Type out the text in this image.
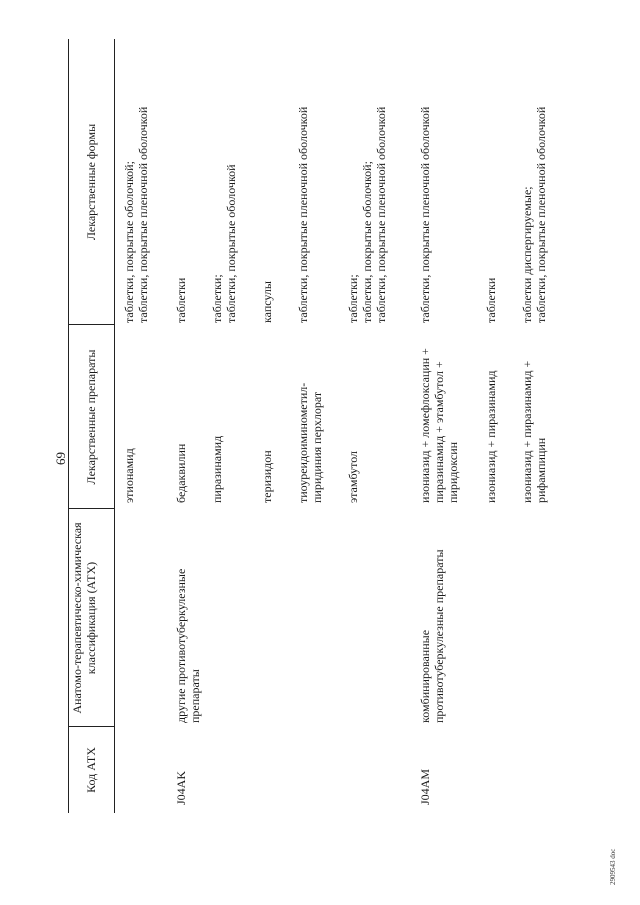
69
Код АТХ
Анатомо-терапевтическо-химическая классификация (АТХ)
Лекарственные препараты
Лекарственные формы
этионамид
таблетки, покрытые оболочкой; таблетки, покрытые пленочной оболочкой
J04AK
другие противотуберкулезные препараты
бедаквилин
таблетки
пиразинамид
таблетки; таблетки, покрытые оболочкой
теризидон
капсулы
тиоуреидоиминометил- пиридиния перхлорат
таблетки, покрытые пленочной оболочкой
этамбутол
таблетки; таблетки, покрытые оболочкой; таблетки, покрытые пленочной оболочкой
J04AM
комбинированные противотуберкулезные препараты
изониазид + ломефлоксацин + пиразинамид + этамбутол + пиридоксин
таблетки, покрытые пленочной оболочкой
изониазид + пиразинамид
таблетки
изониазид + пиразинамид + рифампицин
таблетки диспергируемые; таблетки, покрытые пленочной оболочкой
2909543 doc
